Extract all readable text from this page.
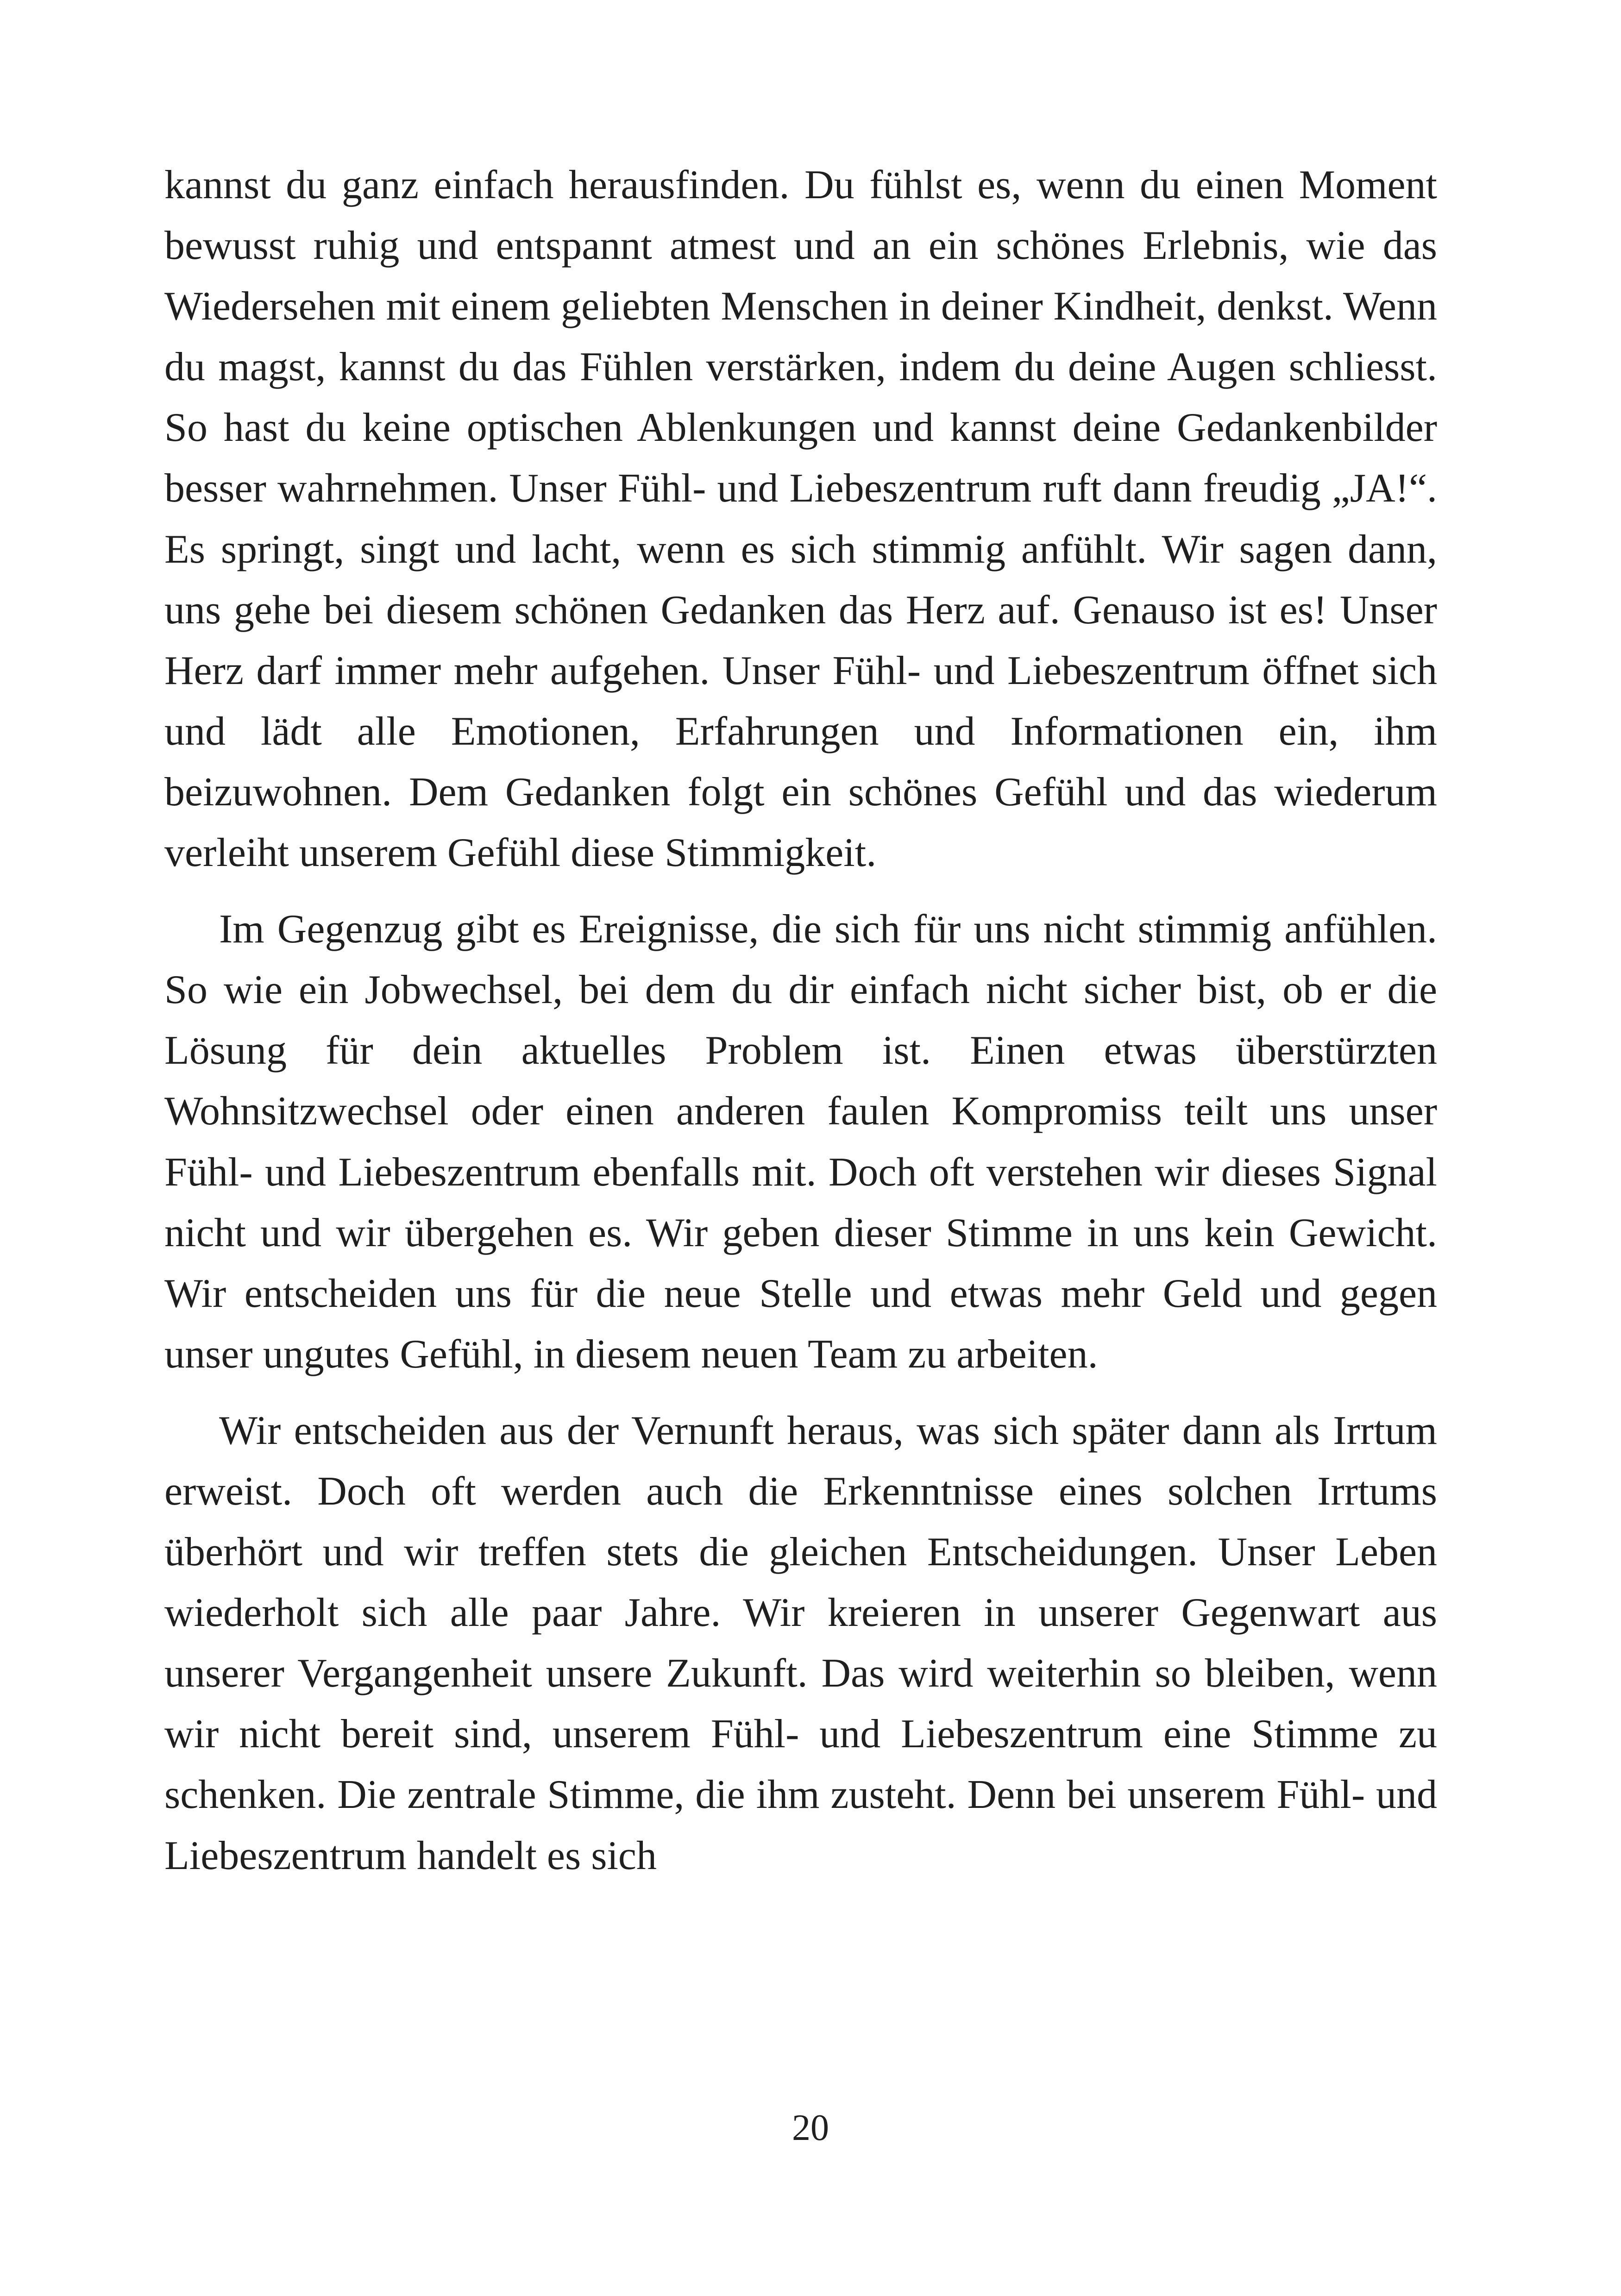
kannst du ganz einfach herausfinden. Du fühlst es, wenn du einen Moment bewusst ruhig und entspannt atmest und an ein schönes Erlebnis, wie das Wiedersehen mit einem geliebten Menschen in deiner Kindheit, denkst. Wenn du magst, kannst du das Fühlen verstärken, indem du deine Augen schliesst. So hast du keine optischen Ablenkungen und kannst deine Gedankenbilder besser wahrnehmen. Unser Fühl- und Liebeszentrum ruft dann freudig „JA!“. Es springt, singt und lacht, wenn es sich stimmig anfühlt. Wir sagen dann, uns gehe bei diesem schönen Gedanken das Herz auf. Genauso ist es! Unser Herz darf immer mehr aufgehen. Unser Fühl- und Liebeszentrum öffnet sich und lädt alle Emotionen, Erfahrungen und Informationen ein, ihm beizuwohnen. Dem Gedanken folgt ein schönes Gefühl und das wiederum verleiht unserem Gefühl diese Stimmigkeit.

Im Gegenzug gibt es Ereignisse, die sich für uns nicht stimmig anfühlen. So wie ein Jobwechsel, bei dem du dir einfach nicht sicher bist, ob er die Lösung für dein aktuelles Problem ist. Einen etwas überstürzten Wohnsitzwechsel oder einen anderen faulen Kompromiss teilt uns unser Fühl- und Liebeszentrum ebenfalls mit. Doch oft verstehen wir dieses Signal nicht und wir übergehen es. Wir geben dieser Stimme in uns kein Gewicht. Wir entscheiden uns für die neue Stelle und etwas mehr Geld und gegen unser ungutes Gefühl, in diesem neuen Team zu arbeiten.

Wir entscheiden aus der Vernunft heraus, was sich später dann als Irrtum erweist. Doch oft werden auch die Erkenntnisse eines solchen Irrtums überhört und wir treffen stets die gleichen Entscheidungen. Unser Leben wiederholt sich alle paar Jahre. Wir kreieren in unserer Gegenwart aus unserer Vergangenheit unsere Zukunft. Das wird weiterhin so bleiben, wenn wir nicht bereit sind, unserem Fühl- und Liebeszentrum eine Stimme zu schenken. Die zentrale Stimme, die ihm zusteht. Denn bei unserem Fühl- und Liebeszentrum handelt es sich

20
